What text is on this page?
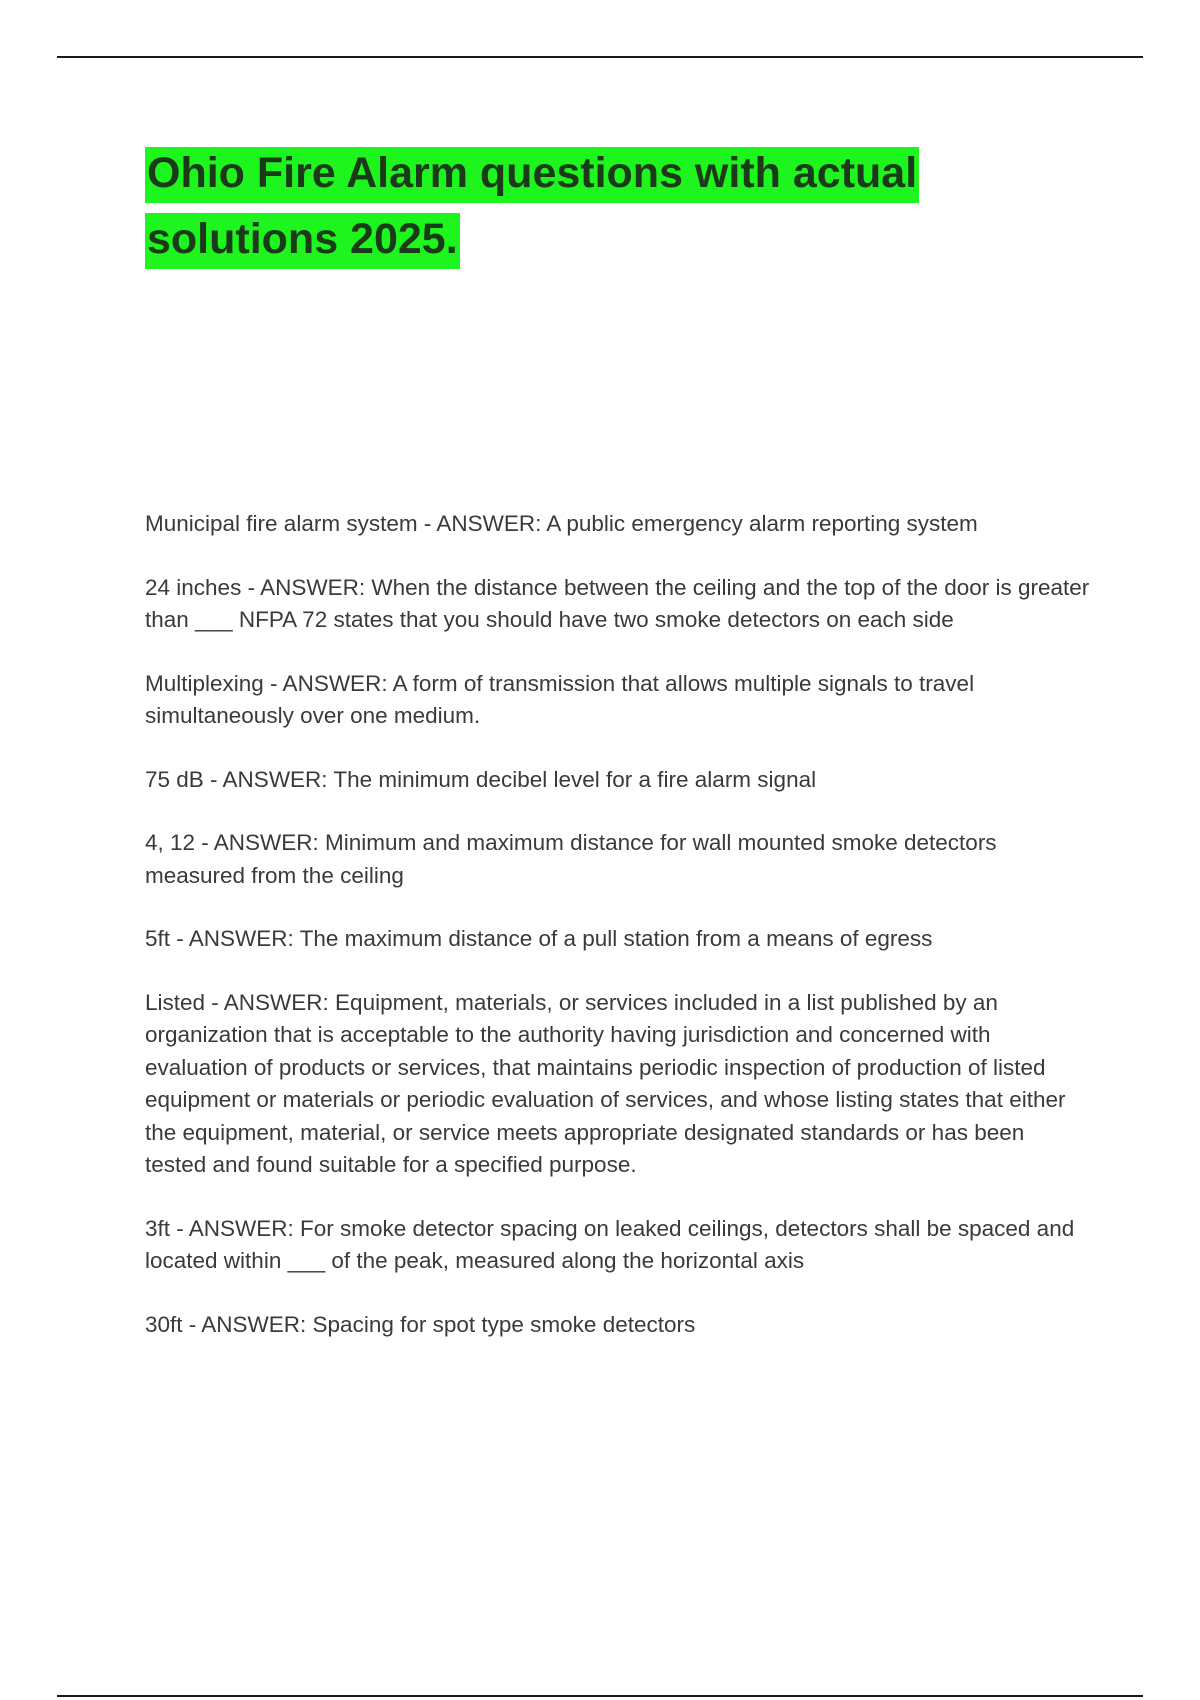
Ohio Fire Alarm questions with actual solutions 2025.
Municipal fire alarm system - ANSWER: A public emergency alarm reporting system
24 inches - ANSWER: When the distance between the ceiling and the top of the door is greater than ___ NFPA 72 states that you should have two smoke detectors on each side
Multiplexing - ANSWER: A form of transmission that allows multiple signals to travel simultaneously over one medium.
75 dB - ANSWER: The minimum decibel level for a fire alarm signal
4, 12 - ANSWER: Minimum and maximum distance for wall mounted smoke detectors measured from the ceiling
5ft - ANSWER: The maximum distance of a pull station from a means of egress
Listed - ANSWER: Equipment, materials, or services included in a list published by an organization that is acceptable to the authority having jurisdiction and concerned with evaluation of products or services, that maintains periodic inspection of production of listed equipment or materials or periodic evaluation of services, and whose listing states that either the equipment, material, or service meets appropriate designated standards or has been tested and found suitable for a specified purpose.
3ft - ANSWER: For smoke detector spacing on leaked ceilings, detectors shall be spaced and located within ___ of the peak, measured along the horizontal axis
30ft - ANSWER: Spacing for spot type smoke detectors
